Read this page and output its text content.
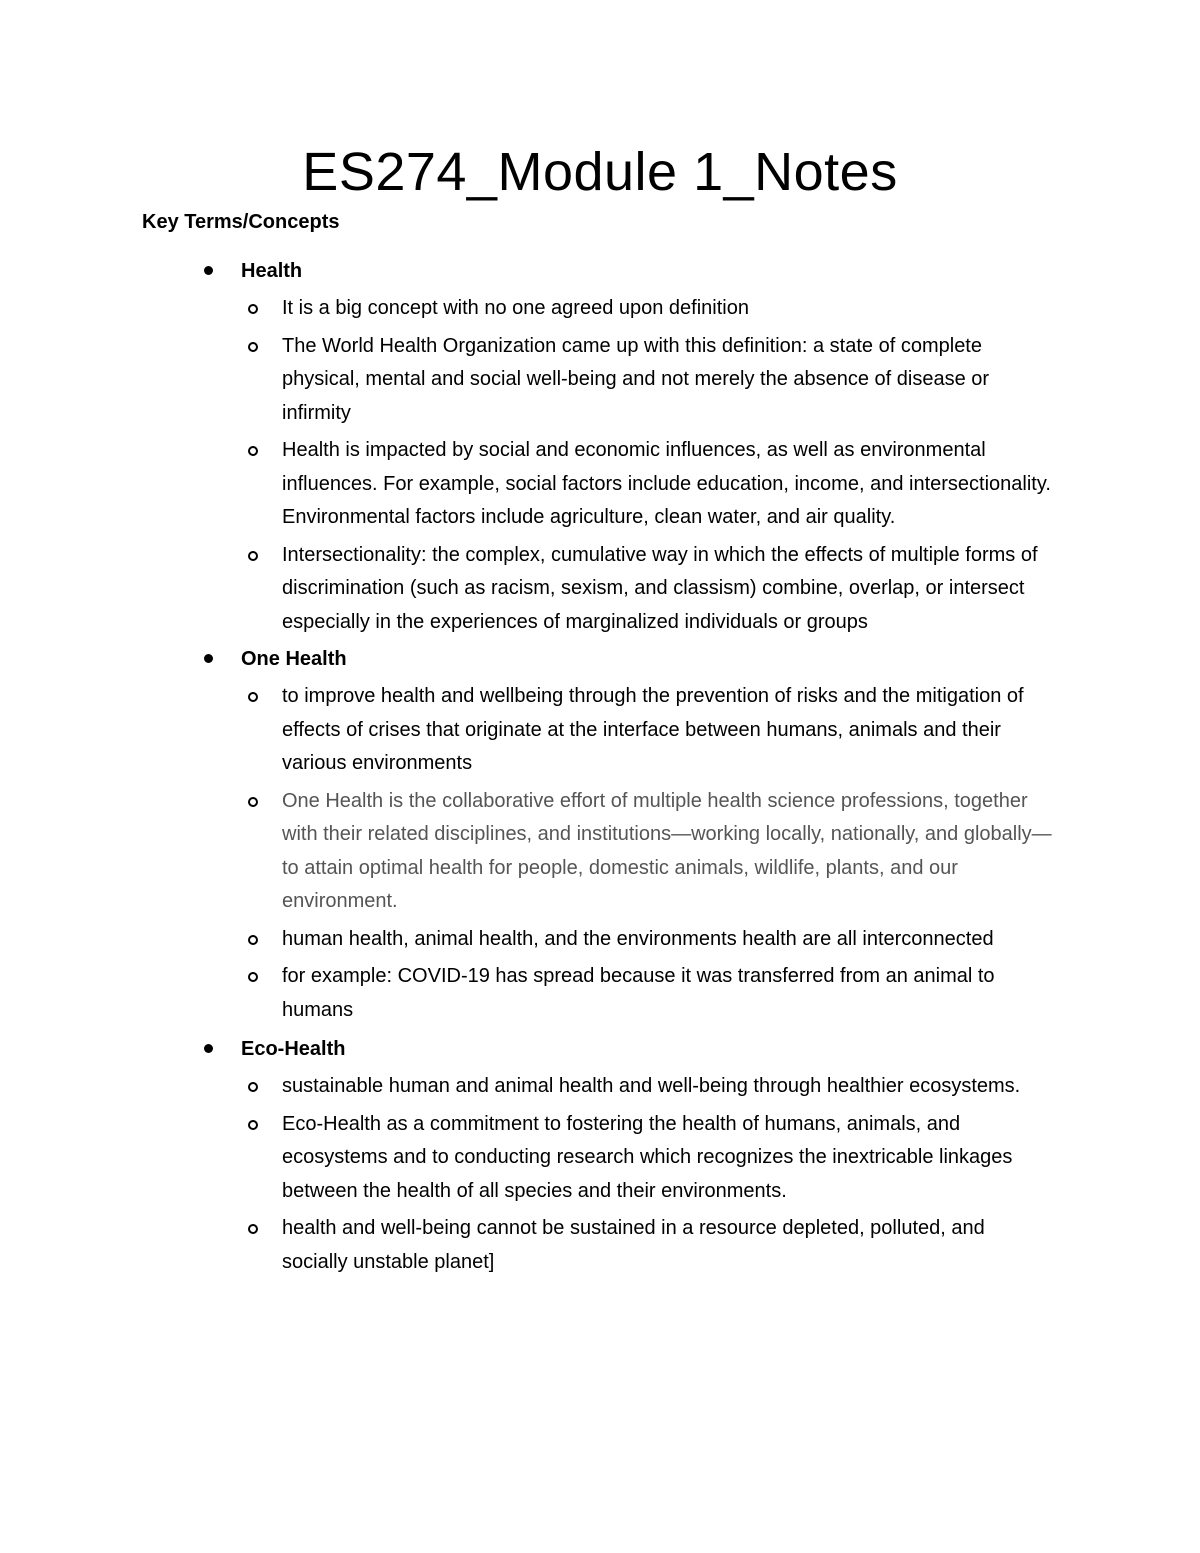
ES274_Module 1_Notes
Key Terms/Concepts
Health
It is a big concept with no one agreed upon definition
The World Health Organization came up with this definition: a state of complete physical, mental and social well-being and not merely the absence of disease or infirmity
Health is impacted by social and economic influences, as well as environmental influences. For example, social factors include education, income, and intersectionality. Environmental factors include agriculture, clean water, and air quality.
Intersectionality: the complex, cumulative way in which the effects of multiple forms of discrimination (such as racism, sexism, and classism) combine, overlap, or intersect especially in the experiences of marginalized individuals or groups
One Health
to improve health and wellbeing through the prevention of risks and the mitigation of effects of crises that originate at the interface between humans, animals and their various environments
One Health is the collaborative effort of multiple health science professions, together with their related disciplines, and institutions—working locally, nationally, and globally—to attain optimal health for people, domestic animals, wildlife, plants, and our environment.
human health, animal health, and the environments health are all interconnected
for example: COVID-19 has spread because it was transferred from an animal to humans
Eco-Health
sustainable human and animal health and well-being through healthier ecosystems.
Eco-Health as a commitment to fostering the health of humans, animals, and ecosystems and to conducting research which recognizes the inextricable linkages between the health of all species and their environments.
health and well-being cannot be sustained in a resource depleted, polluted, and socially unstable planet]
